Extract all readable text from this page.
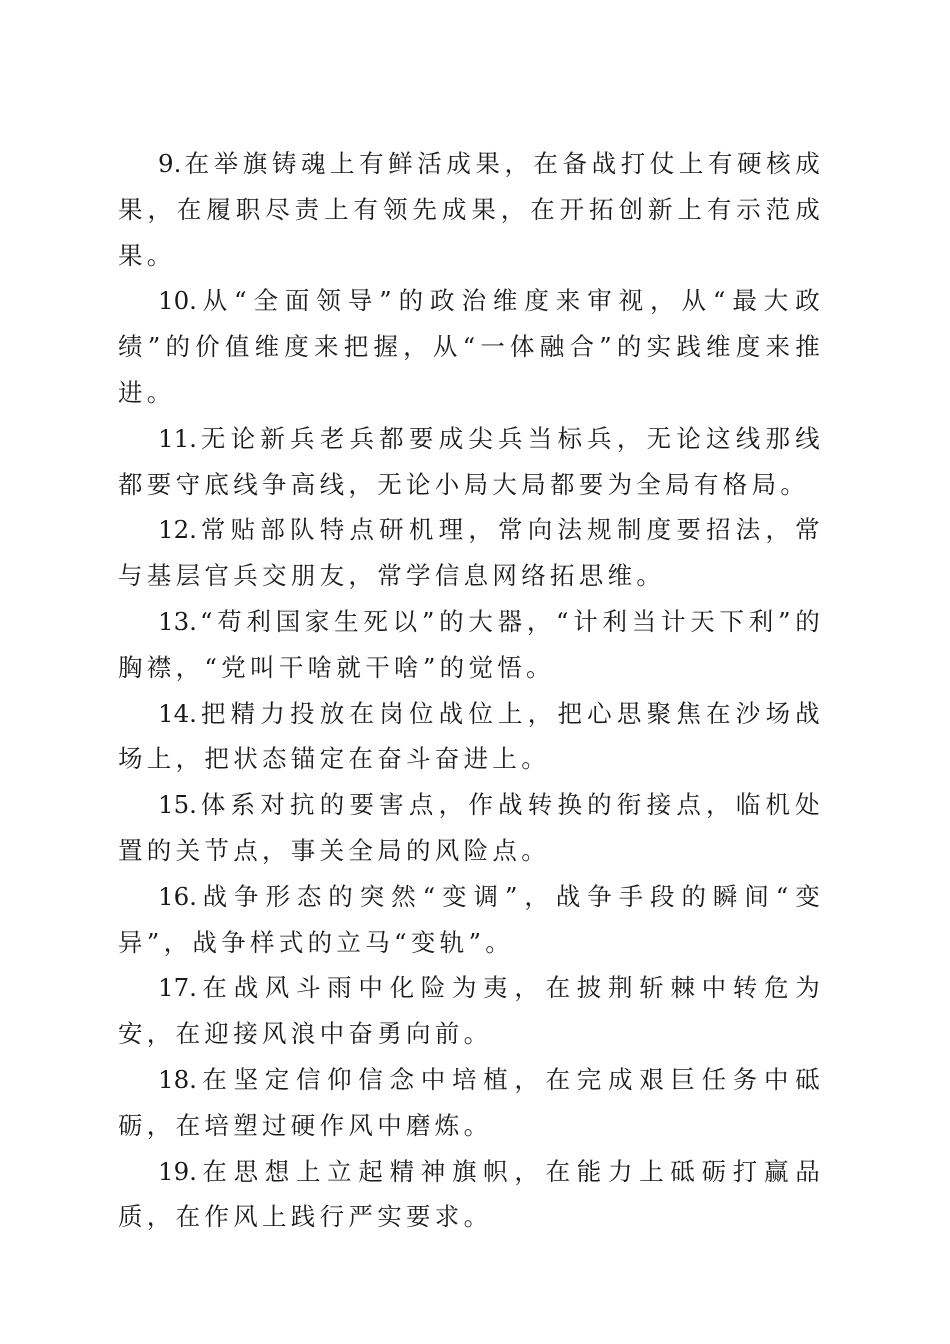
9. 在举旗铸魂上有鲜活成果，在备战打仗上有硬核成果，在履职尽责上有领先成果，在开拓创新上有示范成果。

10. 从“全面领导”的政治维度来审视，从“最大政绩”的价值维度来把握，从“一体融合”的实践维度来推进。

11. 无论新兵老兵都要成尖兵当标兵，无论这线那线都要守底线争高线，无论小局大局都要为全局有格局。

12. 常贴部队特点研机理，常向法规制度要招法，常与基层官兵交朋友，常学信息网络拓思维。

13. “苟利国家生死以”的大器，“计利当计天下利”的胸襟，“党叫干啥就干啥”的觉悟。

14. 把精力投放在岗位战位上，把心思聚焦在沙场战场上，把状态锚定在奋斗奋进上。

15. 体系对抗的要害点，作战转换的衔接点，临机处置的关节点，事关全局的风险点。

16. 战争形态的突然“变调”，战争手段的瞬间“变异”，战争样式的立马“变轨”。

17. 在战风斗雨中化险为夷，在披荆斩棘中转危为安，在迎接风浪中奋勇向前。

18. 在坚定信仰信念中培植，在完成艰巨任务中砥砺，在培塑过硬作风中磨炼。

19. 在思想上立起精神旗帜，在能力上砥砺打赢品质，在作风上践行严实要求。
